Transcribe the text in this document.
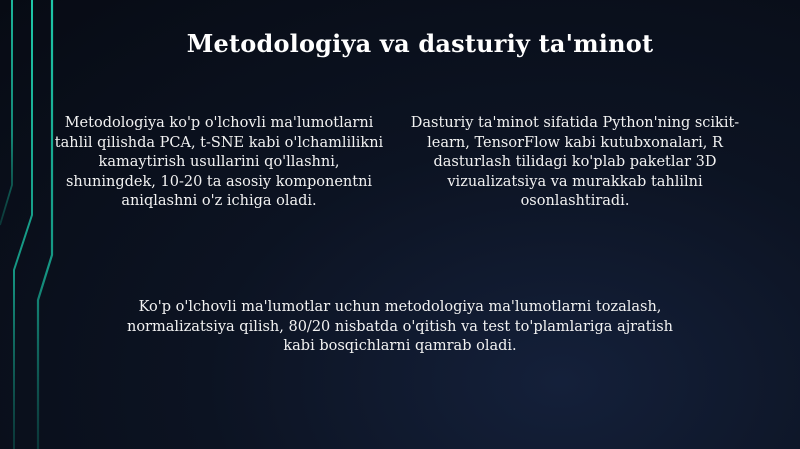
Metodologiya va dasturiy ta'minot
Metodologiya ko'p o'lchovli ma'lumotlarni tahlil qilishda PCA, t-SNE kabi o'lchamlilikni kamaytirish usullarini qo'llashni, shuningdek, 10-20 ta asosiy komponentni aniqlashni o'z ichiga oladi.
Dasturiy ta'minot sifatida Python'ning scikit-learn, TensorFlow kabi kutubxonalari, R dasturlash tilidagi ko'plab paketlar 3D vizualizatsiya va murakkab tahlilni osonlashtiradi.
Ko'p o'lchovli ma'lumotlar uchun metodologiya ma'lumotlarni tozalash, normalizatsiya qilish, 80/20 nisbatda o'qitish va test to'plamlariga ajratish kabi bosqichlarni qamrab oladi.
